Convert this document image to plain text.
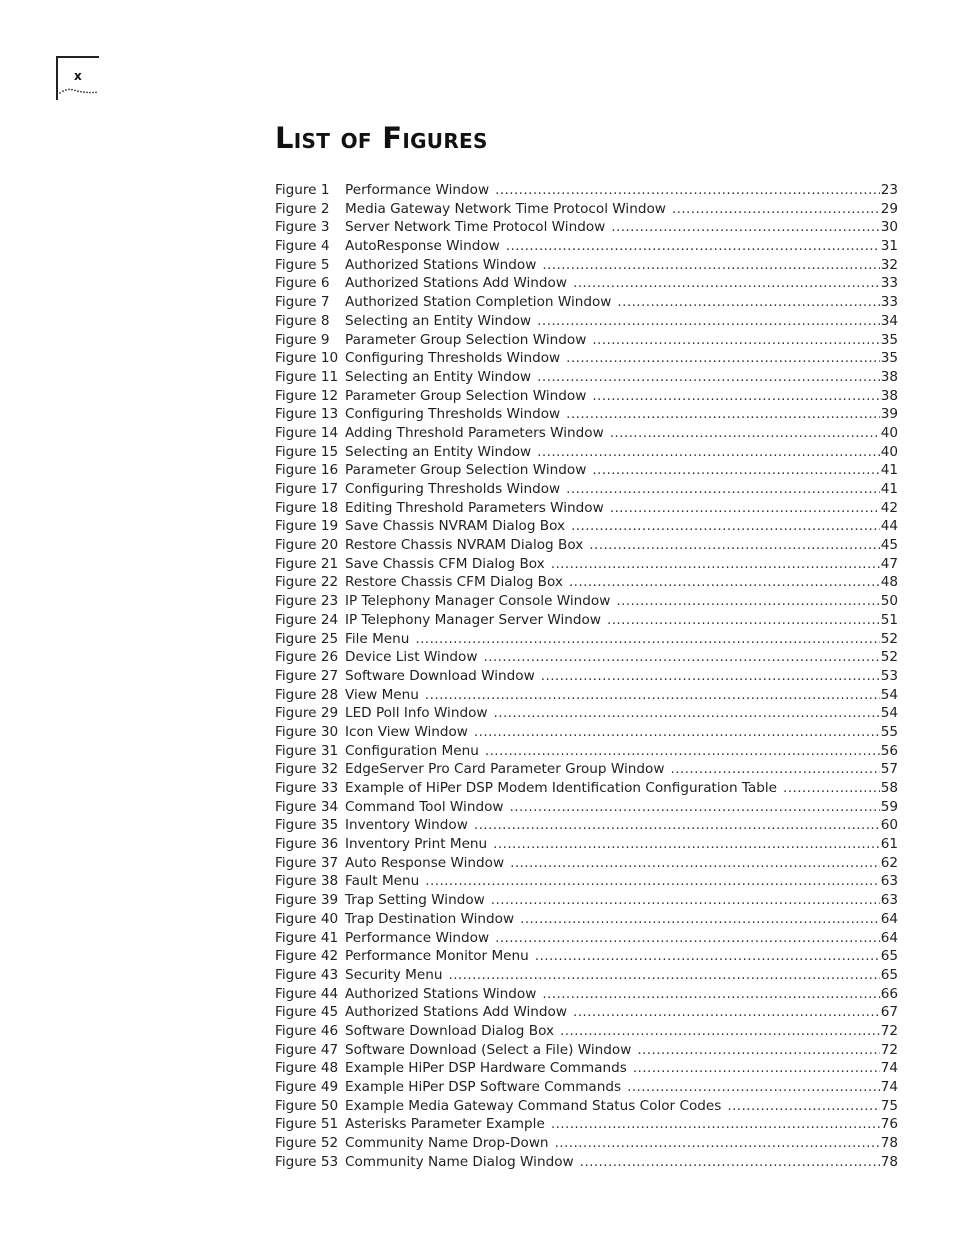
x
List of Figures
Figure 1	Performance Window .....	23
Figure 2	Media Gateway Network Time Protocol Window .....	29
Figure 3	Server Network Time Protocol Window .....	30
Figure 4	AutoResponse Window .....	31
Figure 5	Authorized Stations Window .....	32
Figure 6	Authorized Stations Add Window .....	33
Figure 7	Authorized Station Completion Window .....	33
Figure 8	Selecting an Entity Window .....	34
Figure 9	Parameter Group Selection Window .....	35
Figure 10 Configuring Thresholds Window .....	35
Figure 11 Selecting an Entity Window .....	38
Figure 12 Parameter Group Selection Window .....	38
Figure 13 Configuring Thresholds Window .....	39
Figure 14 Adding Threshold Parameters Window .....	40
Figure 15 Selecting an Entity Window .....	40
Figure 16 Parameter Group Selection Window .....	41
Figure 17 Configuring Thresholds Window .....	41
Figure 18 Editing Threshold Parameters Window .....	42
Figure 19 Save Chassis NVRAM Dialog Box .....	44
Figure 20 Restore Chassis NVRAM Dialog Box .....	45
Figure 21 Save Chassis CFM Dialog Box .....	47
Figure 22 Restore Chassis CFM Dialog Box .....	48
Figure 23 IP Telephony Manager Console Window .....	50
Figure 24 IP Telephony Manager Server Window .....	51
Figure 25 File Menu .....	52
Figure 26 Device List Window .....	52
Figure 27 Software Download Window .....	53
Figure 28 View Menu .....	54
Figure 29 LED Poll Info Window .....	54
Figure 30 Icon View Window .....	55
Figure 31 Configuration Menu .....	56
Figure 32 EdgeServer Pro Card Parameter Group Window .....	57
Figure 33 Example of HiPer DSP Modem Identification Configuration Table .....	58
Figure 34 Command Tool Window .....	59
Figure 35 Inventory Window .....	60
Figure 36 Inventory Print Menu .....	61
Figure 37 Auto Response Window .....	62
Figure 38 Fault Menu .....	63
Figure 39 Trap Setting Window .....	63
Figure 40 Trap Destination Window .....	64
Figure 41 Performance Window .....	64
Figure 42 Performance Monitor Menu .....	65
Figure 43 Security Menu .....	65
Figure 44 Authorized Stations Window .....	66
Figure 45 Authorized Stations Add Window .....	67
Figure 46 Software Download Dialog Box .....	72
Figure 47 Software Download (Select a File) Window .....	72
Figure 48 Example HiPer DSP Hardware Commands .....	74
Figure 49 Example HiPer DSP Software Commands .....	74
Figure 50 Example Media Gateway Command Status Color Codes .....	75
Figure 51 Asterisks Parameter Example .....	76
Figure 52 Community Name Drop-Down .....	78
Figure 53 Community Name Dialog Window .....	78
